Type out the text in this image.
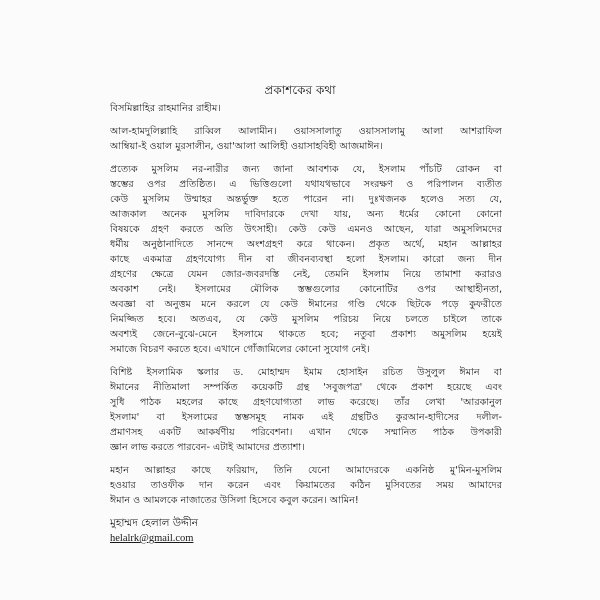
প্রকাশকের কথা
বিসমিল্লাহির রাহমানির রাহীম।
আল-হামদুলিল্লাহি রাব্বিল আলামীন। ওয়াসসালাতু ওয়াসসালামু আলা আশরাফিল
আম্বিয়া-ই ওয়াল মুরসালীন, ওয়া'আলা আলিহী ওয়াসাহবিহী আজমাঈন।
প্রত্যেক মুসলিম নর-নারীর জন্য জানা আবশ্যক যে, ইসলাম পাঁচটি রোকন বা
স্তম্ভের ওপর প্রতিষ্ঠিত। এ ভিত্তিগুলো যথাযথভাবে সংরক্ষণ ও পরিপালন ব্যতীত
কেউ মুসলিম উম্মাহর অন্তর্ভুক্ত হতে পারেন না। দুঃখজনক হলেও সত্য যে,
আজকাল অনেক মুসলিম দাবিদারকে দেখা যায়, অন্য ধর্মের কোনো কোনো
বিষয়কে গ্রহণ করতে অতি উৎসাহী। কেউ কেউ এমনও আছেন, যারা অমুসলিমদের
ধর্মীয় অনুষ্ঠানাদিতে সানন্দে অংশগ্রহণ করে থাকেন। প্রকৃত অর্থে, মহান আল্লাহর
কাছে একমাত্র গ্রহণযোগ্য দীন বা জীবনব্যবস্থা হলো ইসলাম। কারো জন্য দীন
গ্রহণের ক্ষেত্রে যেমন জোর-জবরদস্তি নেই, তেমনি ইসলাম নিয়ে তামাশা করারও
অবকাশ নেই। ইসলামের মৌলিক স্তম্ভগুলোর কোনোটির ওপর আস্থাহীনতা,
অবজ্ঞা বা অনুত্তম মনে করলে যে কেউ ঈমানের গণ্ডি থেকে ছিটকে পড়ে কুফরীতে
নিমজ্জিত হবে। অতএব, যে কেউ মুসলিম পরিচয় নিয়ে চলতে চাইলে তাকে
অবশ্যই জেনে-বুঝে-মেনে ইসলামে থাকতে হবে; নতুবা প্রকাশ্য অমুসলিম হয়েই
সমাজে বিচরণ করতে হবে। এখানে গোঁজামিলের কোনো সুযোগ নেই।
বিশিষ্ট ইসলামিক স্কলার ড. মোহাম্মদ ইমাম হোসাইন রচিত উসুলুল ঈমান বা
ঈমানের নীতিমালা সম্পর্কিত কয়েকটি গ্রন্থ 'সবুজপত্র' থেকে প্রকাশ হয়েছে এবং
সুধি পাঠক মহলের কাছে গ্রহণযোগ্যতা লাভ করেছে। তাঁর লেখা 'আরকানুল
ইসলাম' বা ইসলামের স্তম্ভসমূহ নামক এই গ্রন্থটিও কুরআন-হাদীসের দলীল-
প্রমাণসহ একটি আকর্ষণীয় পরিবেশনা। এখান থেকে সম্মানিত পাঠক উপকারী
জ্ঞান লাভ করতে পারবেন- এটাই আমাদের প্রত্যাশা।
মহান আল্লাহর কাছে ফরিয়াদ, তিনি যেনো আমাদেরকে একনিষ্ঠ মু'মিন-মুসলিম
হওয়ার তাওফীক দান করেন এবং কিয়ামতের কঠিন মুসিবতের সময় আমাদের
ঈমান ও আমলকে নাজাতের উসিলা হিসেবে কবুল করেন। আমিন!
মুহাম্মদ হেলাল উদ্দীন
helalrk@gmail.com
